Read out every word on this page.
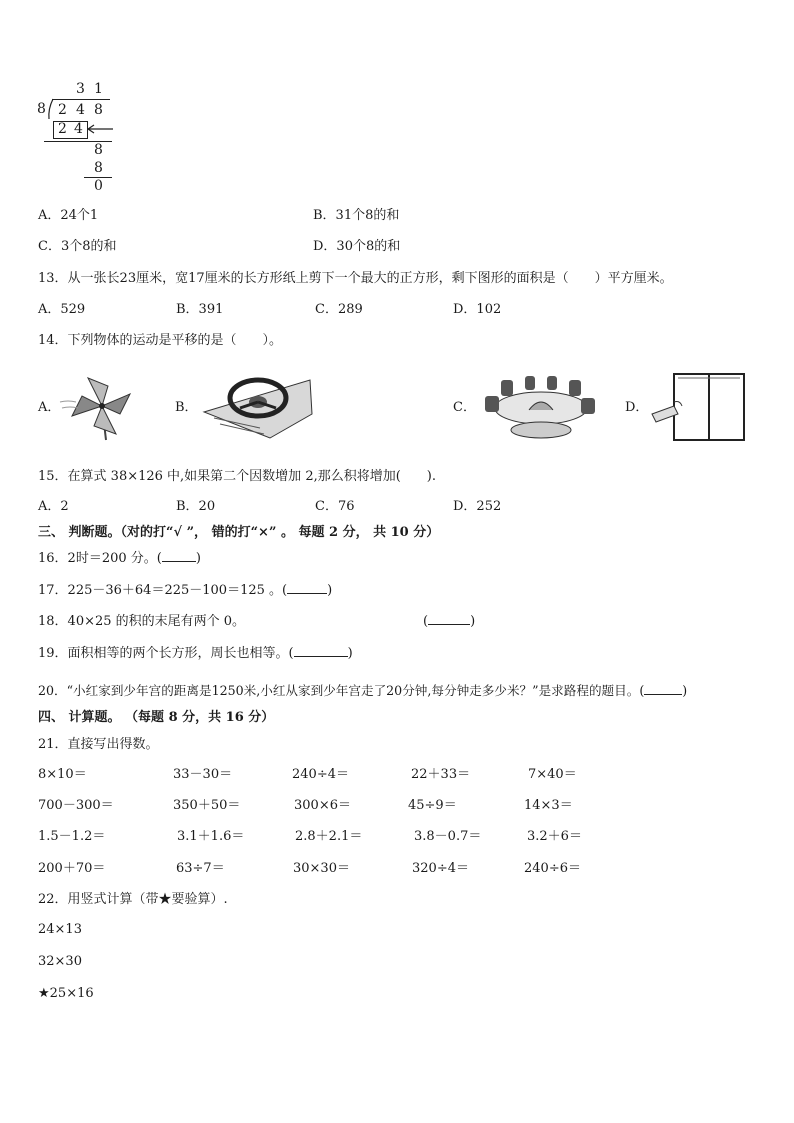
3 1
8 2 4 8
2 4
8
8
0
A．24个1	B．31个8的和
C．3个8的和	D．30个8的和
13．从一张长23厘米，宽17厘米的长方形纸上剪下一个最大的正方形，剩下图形的面积是（　　）平方厘米。
A．529	B．391	C．289	D．102
14．下列物体的运动是平移的是（　　）。
A．	B．	C．	D．
15．在算式 38×126 中,如果第二个因数增加 2,那么积将增加(　　).
A．2	B．20	C．76	D．252
三、 判断题。（对的打“√ ”， 错的打“×” 。 每题 2 分， 共 10 分）
16．2时＝200 分。(	)
17．225－36＋64＝225－100＝125 。(	)
18．40×25 的积的末尾有两个 0。	(	)
19．面积相等的两个长方形，周长也相等。(	)
20．“小红家到少年宫的距离是1250米,小红从家到少年宫走了20分钟,每分钟走多少米？”是求路程的题目。(	)
四、 计算题。 （每题 8 分，共 16 分）
21．直接写出得数。
8×10＝	33－30＝	240÷4＝	22＋33＝	7×40＝
700－300＝	350＋50＝	300×6＝	45÷9＝	14×3＝
1.5－1.2＝	3.1＋1.6＝	2.8＋2.1＝	3.8－0.7＝	3.2＋6＝
200＋70＝	63÷7＝	30×30＝	320÷4＝	240÷6＝
22．用竖式计算（带★要验算）.
24×13
32×30
★25×16
